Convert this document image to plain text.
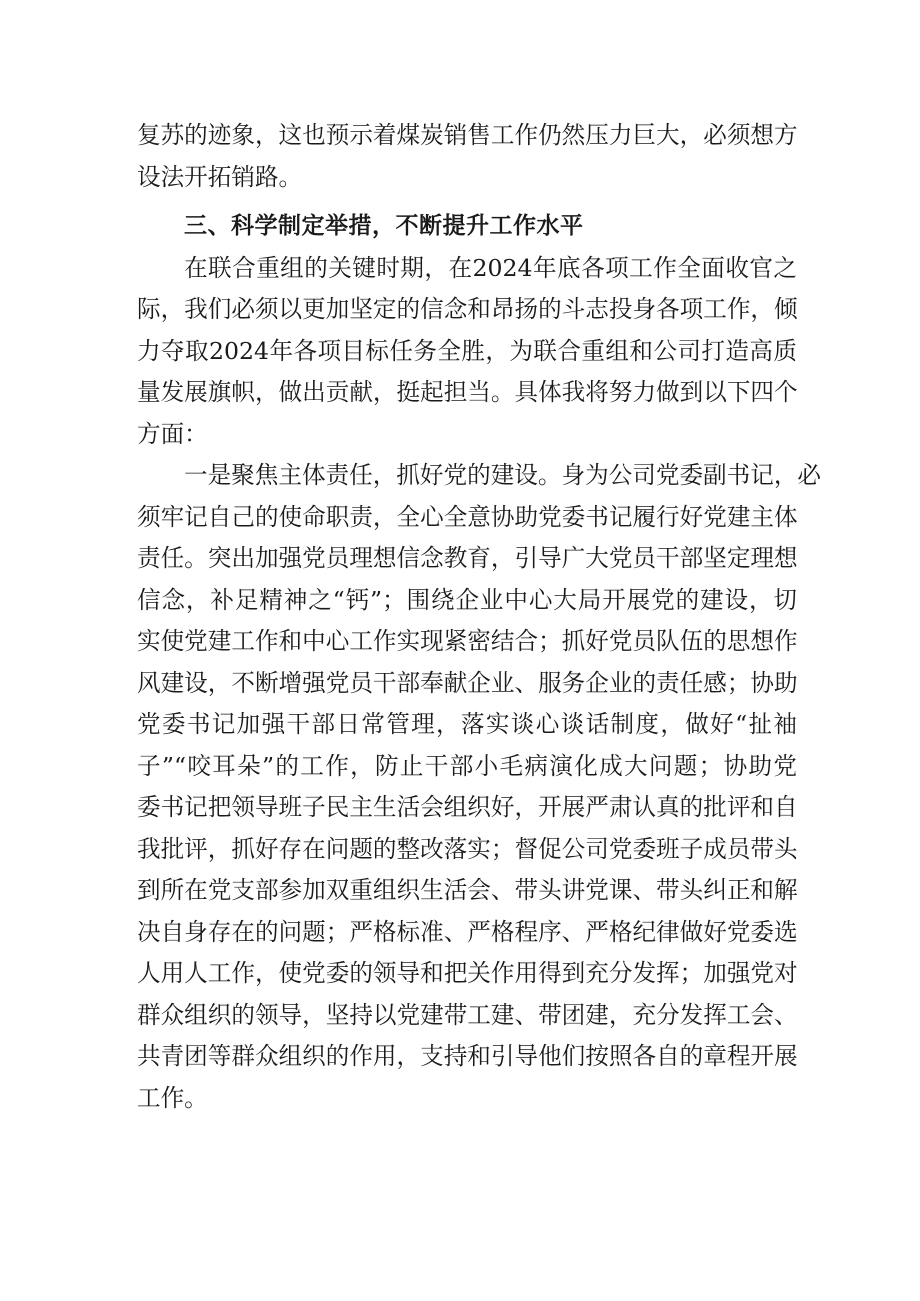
复苏的迹象，这也预示着煤炭销售工作仍然压力巨大，必须想方
设法开拓销路。
三、科学制定举措，不断提升工作水平
在联合重组的关键时期，在2024年底各项工作全面收官之
际，我们必须以更加坚定的信念和昂扬的斗志投身各项工作，倾
力夺取2024年各项目标任务全胜，为联合重组和公司打造高质
量发展旗帜，做出贡献，挺起担当。具体我将努力做到以下四个
方面：
一是聚焦主体责任，抓好党的建设。身为公司党委副书记，必
须牢记自己的使命职责，全心全意协助党委书记履行好党建主体
责任。突出加强党员理想信念教育，引导广大党员干部坚定理想
信念，补足精神之“钙”；围绕企业中心大局开展党的建设，切
实使党建工作和中心工作实现紧密结合；抓好党员队伍的思想作
风建设，不断增强党员干部奉献企业、服务企业的责任感；协助
党委书记加强干部日常管理，落实谈心谈话制度，做好“扯袖
子”“咬耳朵”的工作，防止干部小毛病演化成大问题；协助党
委书记把领导班子民主生活会组织好，开展严肃认真的批评和自
我批评，抓好存在问题的整改落实；督促公司党委班子成员带头
到所在党支部参加双重组织生活会、带头讲党课、带头纠正和解
决自身存在的问题；严格标准、严格程序、严格纪律做好党委选
人用人工作，使党委的领导和把关作用得到充分发挥；加强党对
群众组织的领导，坚持以党建带工建、带团建，充分发挥工会、
共青团等群众组织的作用，支持和引导他们按照各自的章程开展
工作。
